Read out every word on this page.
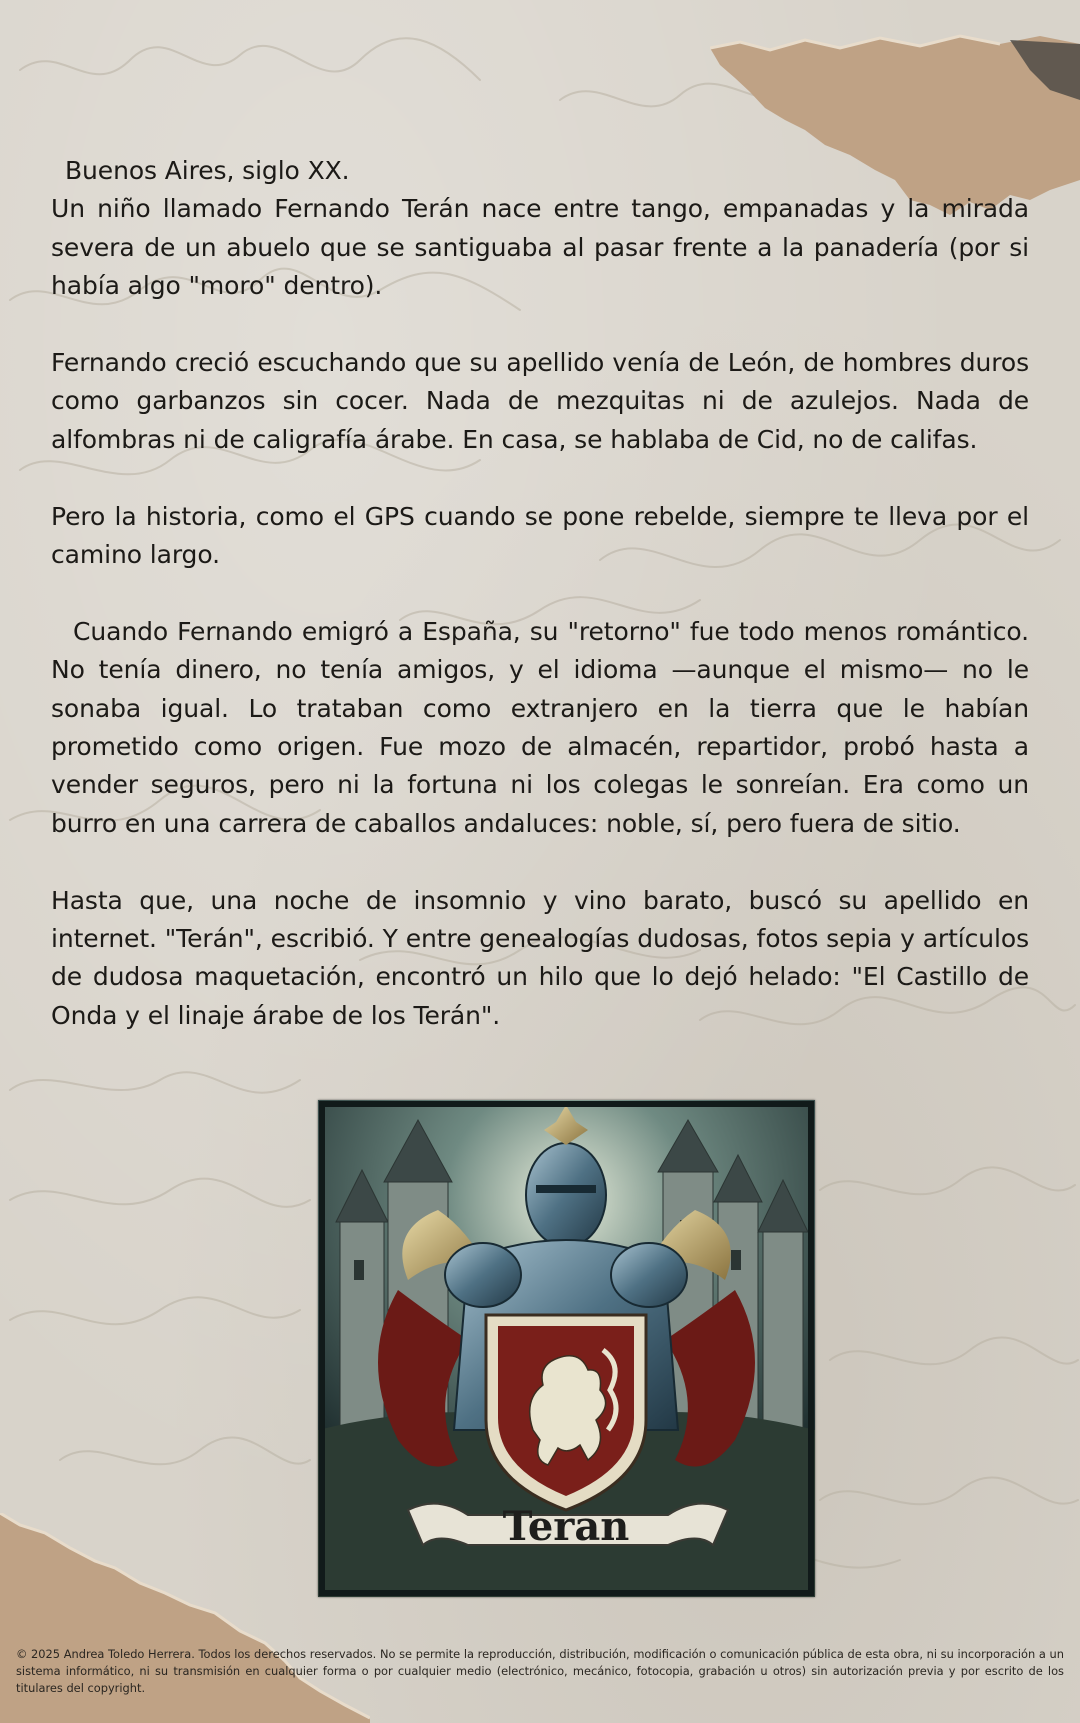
Buenos Aires, siglo XX.
Un niño llamado Fernando Terán nace entre tango, empanadas y la mirada severa de un abuelo que se santiguaba al pasar frente a la panadería (por si había algo "moro" dentro).

Fernando creció escuchando que su apellido venía de León, de hombres duros como garbanzos sin cocer. Nada de mezquitas ni de azulejos. Nada de alfombras ni de caligrafía árabe. En casa, se hablaba de Cid, no de califas.

Pero la historia, como el GPS cuando se pone rebelde, siempre te lleva por el camino largo.

Cuando Fernando emigró a España, su "retorno" fue todo menos romántico. No tenía dinero, no tenía amigos, y el idioma —aunque el mismo— no le sonaba igual. Lo trataban como extranjero en la tierra que le habían prometido como origen. Fue mozo de almacén, repartidor, probó hasta a vender seguros, pero ni la fortuna ni los colegas le sonreían. Era como un burro en una carrera de caballos andaluces: noble, sí, pero fuera de sitio.

Hasta que, una noche de insomnio y vino barato, buscó su apellido en internet. "Terán", escribió. Y entre genealogías dudosas, fotos sepia y artículos de dudosa maquetación, encontró un hilo que lo dejó helado: "El Castillo de Onda y el linaje árabe de los Terán".

Teran
© 2025 Andrea Toledo Herrera. Todos los derechos reservados. No se permite la reproducción, distribución, modificación o comunicación pública de esta obra, ni su incorporación a un sistema informático, ni su transmisión en cualquier forma o por cualquier medio (electrónico, mecánico, fotocopia, grabación u otros) sin autorización previa y por escrito de los titulares del copyright.
